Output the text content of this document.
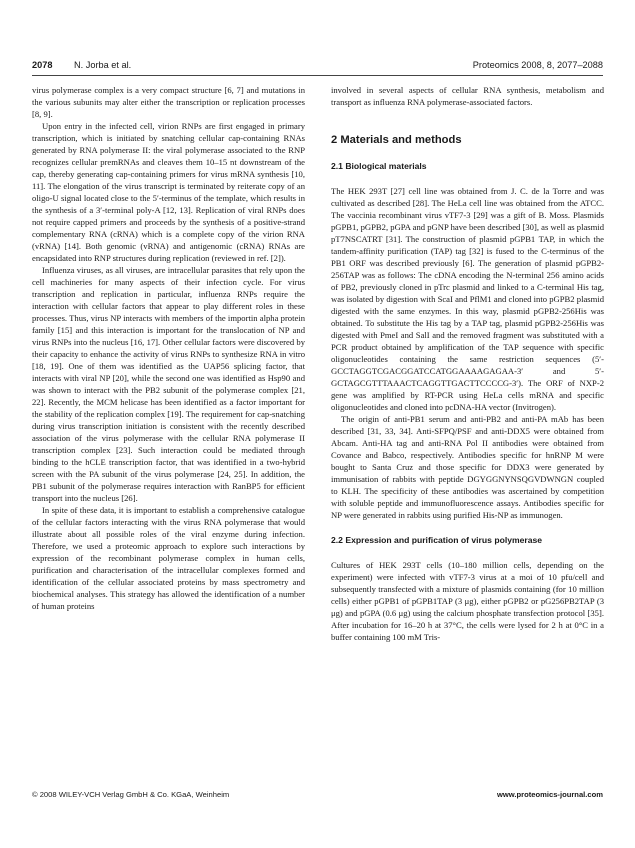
2078 N. Jorba et al.	Proteomics 2008, 8, 2077–2088

virus polymerase complex is a very compact structure [6, 7] and mutations in the various subunits may alter either the transcription or replication processes [8, 9].

Upon entry in the infected cell, virion RNPs are first engaged in primary transcription, which is initiated by snatching cellular cap-containing RNAs generated by RNA polymerase II: the viral polymerase associated to the RNP recognizes cellular premRNAs and cleaves them 10–15 nt downstream of the cap, thereby generating cap-containing primers for virus mRNA synthesis [10, 11]. The elongation of the virus transcript is terminated by reiterate copy of an oligo-U signal located close to the 5′-terminus of the template, which results in the synthesis of a 3′-terminal poly-A [12, 13]. Replication of viral RNPs does not require capped primers and proceeds by the synthesis of a positive-strand complementary RNA (cRNA) which is a complete copy of the virion RNA (vRNA) [14]. Both genomic (vRNA) and antigenomic (cRNA) RNAs are encapsidated into RNP structures during replication (reviewed in ref. [2]).

Influenza viruses, as all viruses, are intracellular parasites that rely upon the cell machineries for many aspects of their infection cycle. For virus transcription and replication in particular, influenza RNPs require the interaction with cellular factors that appear to play different roles in these processes. Thus, virus NP interacts with members of the importin alpha protein family [15] and this interaction is important for the translocation of NP and virus RNPs into the nucleus [16, 17]. Other cellular factors were discovered by their capacity to enhance the activity of virus RNPs to synthesize RNA in vitro [18, 19]. One of them was identified as the UAP56 splicing factor, that interacts with viral NP [20], while the second one was identified as Hsp90 and was shown to interact with the PB2 subunit of the polymerase complex [21, 22]. Recently, the MCM helicase has been identified as a factor important for the stability of the replication complex [19]. The requirement for cap-snatching during virus transcription initiation is consistent with the recently described association of the virus polymerase with the cellular RNA polymerase II transcription complex [23]. Such interaction could be mediated through binding to the hCLE transcription factor, that was identified in a two-hybrid screen with the PA subunit of the virus polymerase [24, 25]. In addition, the PB1 subunit of the polymerase requires interaction with RanBP5 for efficient transport into the nucleus [26].

In spite of these data, it is important to establish a comprehensive catalogue of the cellular factors interacting with the virus RNA polymerase that would illustrate about all possible roles of the viral enzyme during infection. Therefore, we used a proteomic approach to explore such interactions by expression of the recombinant polymerase complex in human cells, purification and characterisation of the intracellular complexes formed and identification of the cellular associated proteins by mass spectrometry and biochemical analyses. This strategy has allowed the identification of a number of human proteins

involved in several aspects of cellular RNA synthesis, metabolism and transport as influenza RNA polymerase-associated factors.

2 Materials and methods
2.1 Biological materials

The HEK 293T [27] cell line was obtained from J. C. de la Torre and was cultivated as described [28]. The HeLa cell line was obtained from the ATCC. The vaccinia recombinant virus vTF7-3 [29] was a gift of B. Moss. Plasmids pGPB1, pGPB2, pGPA and pGNP have been described [30], as well as plasmid pT7NSCATRT [31]. The construction of plasmid pGPB1 TAP, in which the tandem-affinity purification (TAP) tag [32] is fused to the C-terminus of the PB1 ORF was described previously [6]. The generation of plasmid pGPB2-256TAP was as follows: The cDNA encoding the N-terminal 256 amino acids of PB2, previously cloned in pTrc plasmid and linked to a C-terminal His tag, was isolated by digestion with ScaI and PflM1 and cloned into pGPB2 plasmid digested with the same enzymes. In this way, plasmid pGPB2-256His was obtained. To substitute the His tag by a TAP tag, plasmid pGPB2-256His was digested with PmeI and SalI and the removed fragment was substituted with a PCR product obtained by amplification of the TAP sequence with specific oligonucleotides containing the same restriction sequences (5′-GCCTAGGTCGACGGATCCATGGAAAAGAGAA-3′ and 5′-GCTAGCGTTTAAACTCAGGTTGACTTCCCCG-3′). The ORF of NXP-2 gene was amplified by RT-PCR using HeLa cells mRNA and specific oligonucleotides and cloned into pcDNA-HA vector (Invitrogen).

The origin of anti-PB1 serum and anti-PB2 and anti-PA mAb has been described [31, 33, 34]. Anti-SFPQ/PSF and anti-DDX5 were obtained from Abcam. Anti-HA tag and anti-RNA Pol II antibodies were obtained from Covance and Babco, respectively. Antibodies specific for hnRNP M were bought to Santa Cruz and those specific for DDX3 were generated by immunisation of rabbits with peptide DGYGGNYNSQGVDWNGN coupled to KLH. The specificity of these antibodies was ascertained by competition with soluble peptide and immunofluorescence assays. Antibodies specific for NP were generated in rabbits using purified His-NP as immunogen.

2.2 Expression and purification of virus polymerase

Cultures of HEK 293T cells (10–180 million cells, depending on the experiment) were infected with vTF7-3 virus at a moi of 10 pfu/cell and subsequently transfected with a mixture of plasmids containing (for 10 million cells) either pGPB1 of pGPB1TAP (3 μg), either pGPB2 or pG256PB2TAP (3 μg) and pGPA (0.6 μg) using the calcium phosphate transfection protocol [35]. After incubation for 16–20 h at 37°C, the cells were lysed for 2 h at 0°C in a buffer containing 100 mM Tris-

© 2008 WILEY-VCH Verlag GmbH & Co. KGaA, Weinheim	www.proteomics-journal.com
